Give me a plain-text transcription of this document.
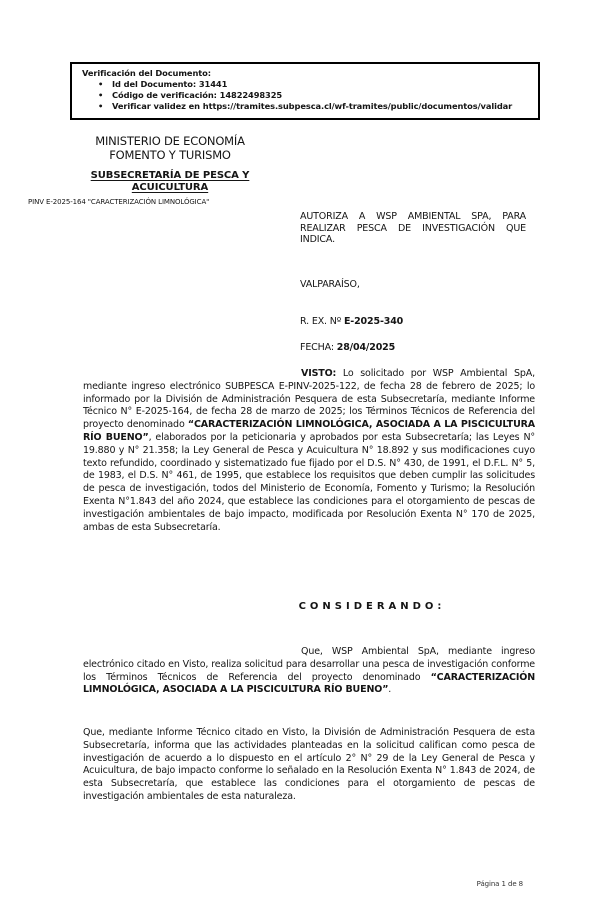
Verificación del Documento:
• Id del Documento: 31441
• Código de verificación: 14822498325
• Verificar validez en https://tramites.subpesca.cl/wf-tramites/public/documentos/validar
MINISTERIO DE ECONOMÍA
FOMENTO Y TURISMO
SUBSECRETARÍA DE PESCA Y ACUICULTURA
PINV E-2025-164 "CARACTERIZACIÓN LIMNOLÓGICA"
AUTORIZA A WSP AMBIENTAL SPA, PARA REALIZAR PESCA DE INVESTIGACIÓN QUE INDICA.
VALPARAÍSO,
R. EX. Nº E-2025-340
FECHA: 28/04/2025

VISTO: Lo solicitado por WSP Ambiental SpA, mediante ingreso electrónico SUBPESCA E-PINV-2025-122, de fecha 28 de febrero de 2025; lo informado por la División de Administración Pesquera de esta Subsecretaría, mediante Informe Técnico N° E-2025-164, de fecha 28 de marzo de 2025; los Términos Técnicos de Referencia del proyecto denominado “CARACTERIZACIÓN LIMNOLÓGICA, ASOCIADA A LA PISCICULTURA RÍO BUENO”, elaborados por la peticionaria y aprobados por esta Subsecretaría; las Leyes N° 19.880 y N° 21.358; la Ley General de Pesca y Acuicultura N° 18.892 y sus modificaciones cuyo texto refundido, coordinado y sistematizado fue fijado por el D.S. N° 430, de 1991, el D.F.L. N° 5, de 1983, el D.S. N° 461, de 1995, que establece los requisitos que deben cumplir las solicitudes de pesca de investigación, todos del Ministerio de Economía, Fomento y Turismo; la Resolución Exenta N°1.843 del año 2024, que establece las condiciones para el otorgamiento de pescas de investigación ambientales de bajo impacto, modificada por Resolución Exenta N° 170 de 2025, ambas de esta Subsecretaría.

CONSIDERANDO:

Que, WSP Ambiental SpA, mediante ingreso electrónico citado en Visto, realiza solicitud para desarrollar una pesca de investigación conforme los Términos Técnicos de Referencia del proyecto denominado “CARACTERIZACIÓN LIMNOLÓGICA, ASOCIADA A LA PISCICULTURA RÍO BUENO”.

Que, mediante Informe Técnico citado en Visto, la División de Administración Pesquera de esta Subsecretaría, informa que las actividades planteadas en la solicitud califican como pesca de investigación de acuerdo a lo dispuesto en el artículo 2° N° 29 de la Ley General de Pesca y Acuicultura, de bajo impacto conforme lo señalado en la Resolución Exenta N° 1.843 de 2024, de esta Subsecretaría, que establece las condiciones para el otorgamiento de pescas de investigación ambientales de esta naturaleza.

Página 1 de 8
